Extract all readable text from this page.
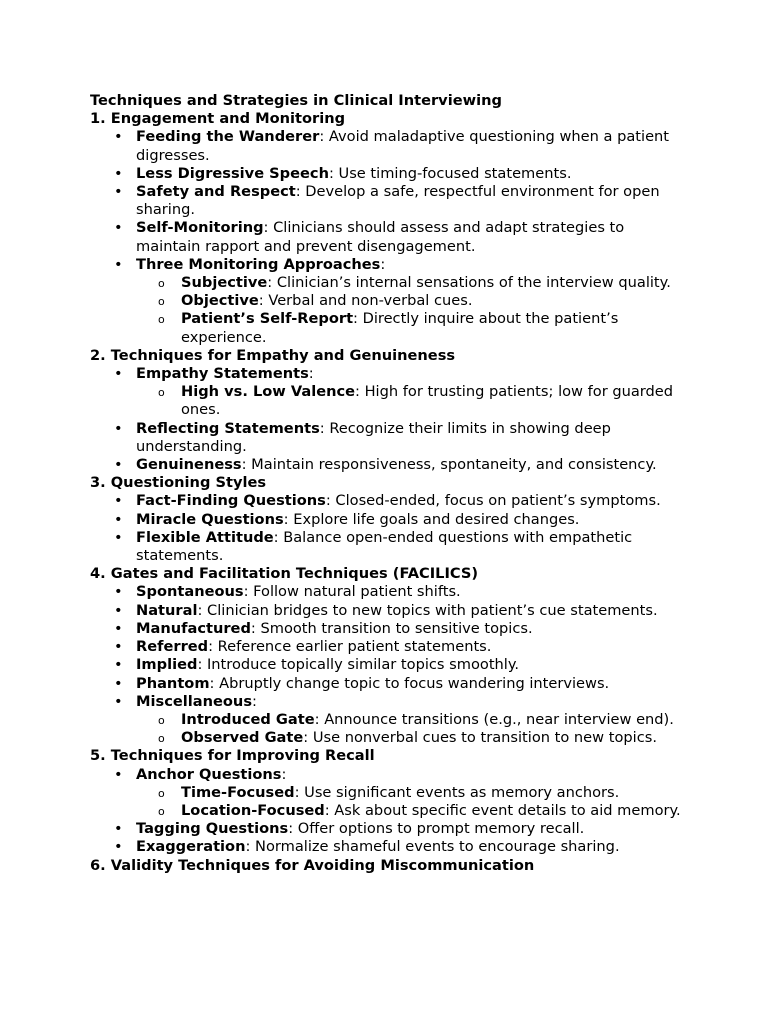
Techniques and Strategies in Clinical Interviewing
1. Engagement and Monitoring
• Feeding the Wanderer: Avoid maladaptive questioning when a patient digresses.
• Less Digressive Speech: Use timing-focused statements.
• Safety and Respect: Develop a safe, respectful environment for open sharing.
• Self-Monitoring: Clinicians should assess and adapt strategies to maintain rapport and prevent disengagement.
• Three Monitoring Approaches:
o Subjective: Clinician’s internal sensations of the interview quality.
o Objective: Verbal and non-verbal cues.
o Patient’s Self-Report: Directly inquire about the patient’s experience.
2. Techniques for Empathy and Genuineness
• Empathy Statements:
o High vs. Low Valence: High for trusting patients; low for guarded ones.
• Reflecting Statements: Recognize their limits in showing deep understanding.
• Genuineness: Maintain responsiveness, spontaneity, and consistency.
3. Questioning Styles
• Fact-Finding Questions: Closed-ended, focus on patient’s symptoms.
• Miracle Questions: Explore life goals and desired changes.
• Flexible Attitude: Balance open-ended questions with empathetic statements.
4. Gates and Facilitation Techniques (FACILICS)
• Spontaneous: Follow natural patient shifts.
• Natural: Clinician bridges to new topics with patient’s cue statements.
• Manufactured: Smooth transition to sensitive topics.
• Referred: Reference earlier patient statements.
• Implied: Introduce topically similar topics smoothly.
• Phantom: Abruptly change topic to focus wandering interviews.
• Miscellaneous:
o Introduced Gate: Announce transitions (e.g., near interview end).
o Observed Gate: Use nonverbal cues to transition to new topics.
5. Techniques for Improving Recall
• Anchor Questions:
o Time-Focused: Use significant events as memory anchors.
o Location-Focused: Ask about specific event details to aid memory.
• Tagging Questions: Offer options to prompt memory recall.
• Exaggeration: Normalize shameful events to encourage sharing.
6. Validity Techniques for Avoiding Miscommunication
